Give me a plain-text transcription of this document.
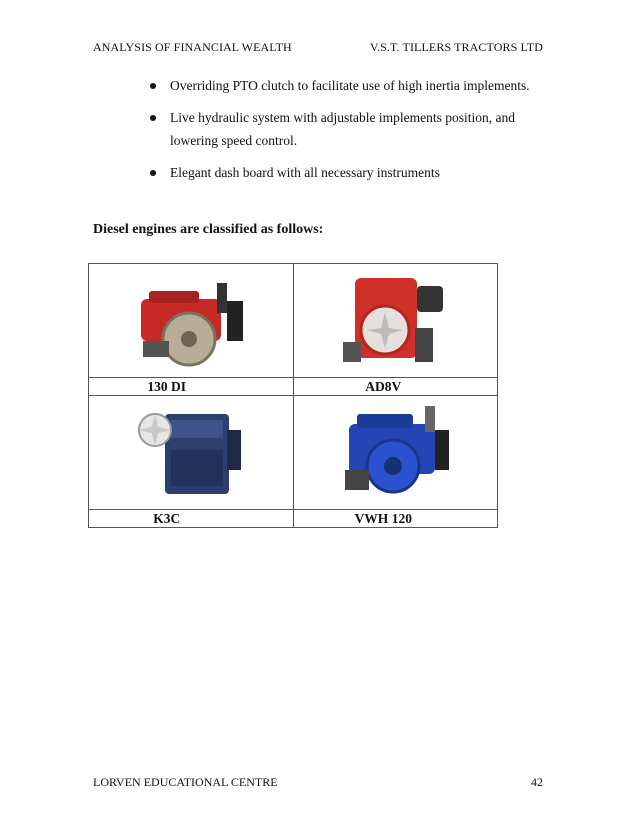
ANALYSIS OF FINANCIAL WEALTH	V.S.T. TILLERS TRACTORS LTD
Overriding PTO clutch to facilitate use of high inertia implements.
Live hydraulic system with adjustable implements position, and lowering speed control.
Elegant dash board with all necessary instruments
Diesel engines are classified as follows:

130 DI	AD8V

K3C	VWH 120
LORVEN EDUCATIONAL CENTRE	42
